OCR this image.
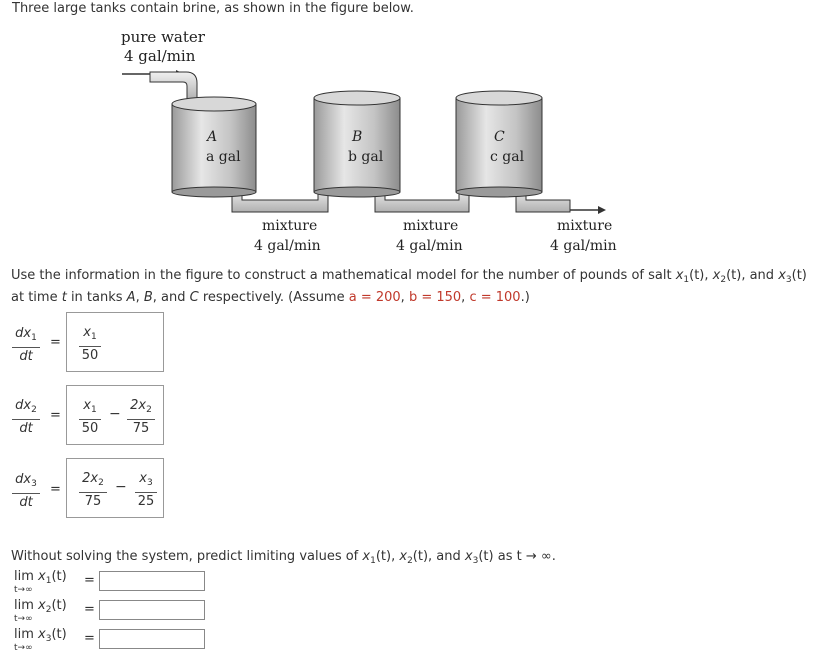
Three large tanks contain brine, as shown in the figure below.
pure water
4 gal/min
A
a gal
B
b gal
C
c gal
mixture
4 gal/min
mixture
4 gal/min
mixture
4 gal/min
Use the information in the figure to construct a mathematical model for the number of pounds of salt $x_1(t)$, $x_2(t)$, and $x_3(t)$
at time t in tanks A, B, and C respectively. (Assume a = 200, b = 150, c = 100.)
$dx_1$
dt
=
$x_1$
50
$dx_2$
dt
=
$x_1$
50
−
$2x_2$
75
$dx_3$
dt
=
$2x_2$
75
−
$x_3$
25
Without solving the system, predict limiting values of $x_1(t)$, $x_2(t)$, and $x_3(t)$ as t → ∞.
$\lim x_1(t)$
t→∞
=
$\lim x_2(t)$
t→∞
=
$\lim x_3(t)$
t→∞
=
